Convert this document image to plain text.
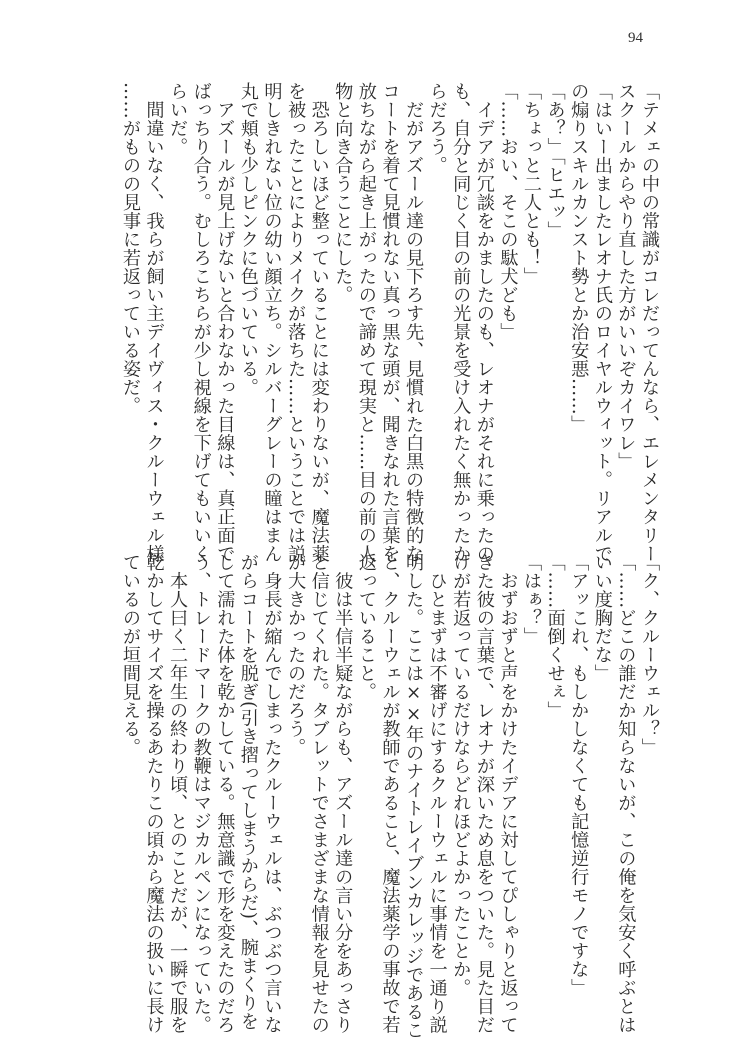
94
「テメェの中の常識がコレだってんなら、エレメンタリー
スクールからやり直した方がいいぞカイワレ」
「はいー出ましたレオナ氏のロイヤルウィット。リアルで
の煽りスキルカンスト勢とか治安悪……」
「あ？」「ヒエッ」
「ちょっと二人とも！」
「……おい、そこの駄犬ども」
　イデアが冗談をかましたのも、レオナがそれに乗ったの
も、自分と同じく目の前の光景を受け入れたく無かったか
らだろう。
　だがアズール達の見下ろす先、見慣れた白黒の特徴的な
コートを着て見慣れない真っ黒な頭が、聞きなれた言葉を
放ちながら起き上がったので諦めて現実と……目の前の人
物と向き合うことにした。
　恐ろしいほど整っていることには変わりないが、魔法薬
を被ったことによりメイクが落ちた……ということでは説
明しきれない位の幼い顔立ち。シルバーグレーの瞳はまん
丸で頬も少しピンクに色づいている。
　アズールが見上げないと合わなかった目線は、真正面で
ばっちり合う。むしろこちらが少し視線を下げてもいいく
らいだ。
　間違いなく、我らが飼い主デイヴィス・クルーウェル様
……がものの見事に若返っている姿だ。
「ク、クルーウェル？」
「……どこの誰だか知らないが、この俺を気安く呼ぶとは
いい度胸だな」
「アッこれ、もしかしなくても記憶逆行モノですな」
「……面倒くせぇ」
「はぁ？」
　おずおずと声をかけたイデアに対してぴしゃりと返って
きた彼の言葉で、レオナが深いため息をついた。見た目だ
けが若返っているだけならどれほどよかったことか。
　ひとまずは不審げにするクルーウェルに事情を一通り説
明した。ここは××年のナイトレイブンカレッジであるこ
と、クルーウェルが教師であること、魔法薬学の事故で若
返っていること。
　彼は半信半疑ながらも、アズール達の言い分をあっさり
と信じてくれた。タブレットでさまざまな情報を見せたの
が大きかったのだろう。
　身長が縮んでしまったクルーウェルは、ぶつぶつ言いな
がらコートを脱ぎ(引き摺ってしまうからだ)、腕まくりを
して濡れた体を乾かしている。無意識で形を変えたのだろ
う、トレードマークの教鞭はマジカルペンになっていた。
　本人曰く二年生の終わり頃、とのことだが、一瞬で服を
乾かしてサイズを操るあたりこの頃から魔法の扱いに長け
ているのが垣間見える。
